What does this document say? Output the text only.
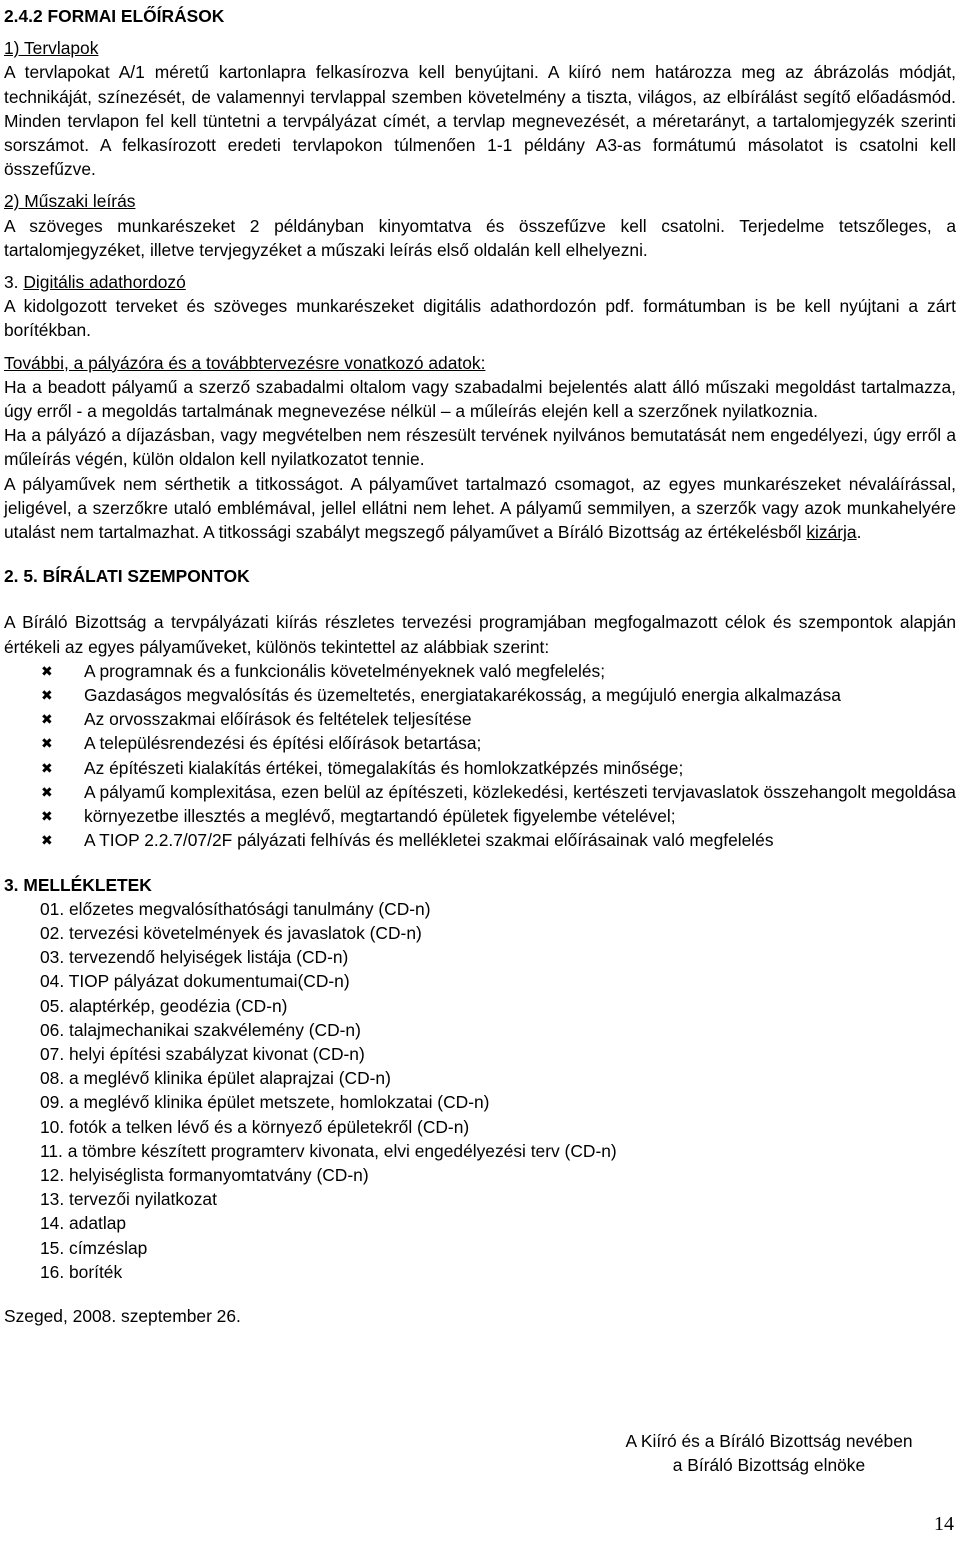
2.4.2 FORMAI ELŐÍRÁSOK
1) Tervlapok

A tervlapokat A/1 méretű kartonlapra felkasírozva kell benyújtani. A kiíró nem határozza meg az ábrázolás módját, technikáját, színezését, de valamennyi tervlappal szemben követelmény a tiszta, világos, az elbírálást segítő előadásmód. Minden tervlapon fel kell tüntetni a tervpályázat címét, a tervlap megnevezését, a méretarányt, a tartalomjegyzék szerinti sorszámot. A felkasírozott eredeti tervlapokon túlmenően 1-1 példány A3-as formátumú másolatot is csatolni kell összefűzve.

2) Műszaki leírás

A szöveges munkarészeket 2 példányban kinyomtatva és összefűzve kell csatolni. Terjedelme tetszőleges, a tartalomjegyzéket, illetve tervjegyzéket a műszaki leírás első oldalán kell elhelyezni.

3. Digitális adathordozó

A kidolgozott terveket és szöveges munkarészeket digitális adathordozón pdf. formátumban is be kell nyújtani a zárt borítékban.

További, a pályázóra és a továbbtervezésre vonatkozó adatok:

Ha a beadott pályamű a szerző szabadalmi oltalom vagy szabadalmi bejelentés alatt álló műszaki megoldást tartalmazza, úgy erről - a megoldás tartalmának megnevezése nélkül – a műleírás elején kell a szerzőnek nyilatkoznia.

Ha a pályázó a díjazásban, vagy megvételben nem részesült tervének nyilvános bemutatását nem engedélyezi, úgy erről a műleírás végén, külön oldalon kell nyilatkozatot tennie.

A pályaművek nem sérthetik a titkosságot. A pályaművet tartalmazó csomagot, az egyes munkarészeket névaláírással, jeligével, a szerzőkre utaló emblémával, jellel ellátni nem lehet. A pályamű semmilyen, a szerzők vagy azok munkahelyére utalást nem tartalmazhat. A titkossági szabályt megszegő pályaművet a Bíráló Bizottság az értékelésből kizárja.

2. 5. BÍRÁLATI SZEMPONTOK

A Bíráló Bizottság a tervpályázati kiírás részletes tervezési programjában megfogalmazott célok és szempontok alapján értékeli az egyes pályaműveket, különös tekintettel az alábbiak szerint:

✖ A programnak és a funkcionális követelményeknek való megfelelés;
✖ Gazdaságos megvalósítás és üzemeltetés, energiatakarékosság, a megújuló energia alkalmazása
✖ Az orvosszakmai előírások és feltételek teljesítése
✖ A településrendezési és építési előírások betartása;
✖ Az építészeti kialakítás értékei, tömegalakítás és homlokzatképzés minősége;
✖ A pályamű komplexitása, ezen belül az építészeti, közlekedési, kertészeti tervjavaslatok összehangolt megoldása
✖ környezetbe illesztés a meglévő, megtartandó épületek figyelembe vételével;
✖ A TIOP 2.2.7/07/2F pályázati felhívás és mellékletei szakmai előírásainak való megfelelés
3. MELLÉKLETEK
01. előzetes megvalósíthatósági tanulmány (CD-n)
02. tervezési követelmények és javaslatok (CD-n)
03. tervezendő helyiségek listája (CD-n)
04. TIOP pályázat dokumentumai(CD-n)
05. alaptérkép, geodézia (CD-n)
06. talajmechanikai szakvélemény (CD-n)
07. helyi építési szabályzat kivonat (CD-n)
08. a meglévő klinika épület alaprajzai (CD-n)
09. a meglévő klinika épület metszete, homlokzatai (CD-n)
10. fotók a telken lévő és a környező épületekről (CD-n)
11. a tömbre készített programterv kivonata, elvi engedélyezési terv (CD-n)
12. helyiséglista formanyomtatvány (CD-n)
13. tervezői nyilatkozat
14. adatlap
15. címzéslap
16. boríték
Szeged, 2008. szeptember 26.
A Kiíró és a Bíráló Bizottság nevében
a Bíráló Bizottság elnöke
14
